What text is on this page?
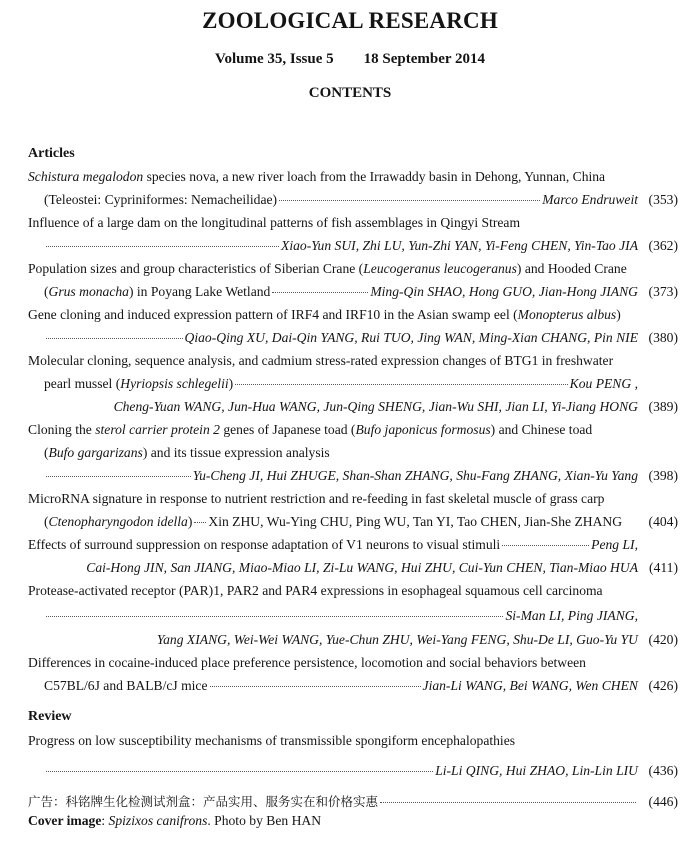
ZOOLOGICAL RESEARCH
Volume 35, Issue 5 18 September 2014
CONTENTS
Articles
Schistura megalodon species nova, a new river loach from the Irrawaddy basin in Dehong, Yunnan, China
(Teleostei: Cypriniformes: Nemacheilidae)	Marco Endruweit (353)
Influence of a large dam on the longitudinal patterns of fish assemblages in Qingyi Stream
Xiao-Yun SUI, Zhi LU, Yun-Zhi YAN, Yi-Feng CHEN, Yin-Tao JIA (362)
Population sizes and group characteristics of Siberian Crane ( Leucogeranus leucogeranus ) and Hooded Crane
( Grus monacha ) in Poyang Lake Wetland	Ming-Qin SHAO, Hong GUO, Jian-Hong JIANG (373)
Gene cloning and induced expression pattern of IRF4 and IRF10 in the Asian swamp eel ( Monopterus albus )
Qiao-Qing XU, Dai-Qin YANG, Rui TUO, Jing WAN, Ming-Xian CHANG, Pin NIE (380)
Molecular cloning, sequence analysis, and cadmium stress-rated expression changes of BTG1 in freshwater
pearl mussel ( Hyriopsis schlegelii )	Kou PENG ,
Cheng-Yuan WANG, Jun-Hua WANG, Jun-Qing SHENG, Jian-Wu SHI, Jian LI, Yi-Jiang HONG (389)
Cloning the sterol carrier protein 2 genes of Japanese toad ( Bufo japonicus formosus ) and Chinese toad
( Bufo gargarizans ) and its tissue expression analysis
Yu-Cheng JI, Hui ZHUGE, Shan-Shan ZHANG, Shu-Fang ZHANG, Xian-Yu Yang (398)
MicroRNA signature in response to nutrient restriction and re-feeding in fast skeletal muscle of grass carp
( Ctenopharyngodon idella ) Xin ZHU, Wu-Ying CHU, Ping WU, Tan YI, Tao CHEN, Jian-She ZHANG	(404)
Effects of surround suppression on response adaptation of V1 neurons to visual stimuli	Peng LI,
Cai-Hong JIN, San JIANG, Miao-Miao LI, Zi-Lu WANG, Hui ZHU, Cui-Yun CHEN, Tian-Miao HUA (411)
Protease-activated receptor (PAR)1, PAR2 and PAR4 expressions in esophageal squamous cell carcinoma
Si-Man LI, Ping JIANG,
Yang XIANG, Wei-Wei WANG, Yue-Chun ZHU, Wei-Yang FENG, Shu-De LI, Guo-Yu YU (420)
Differences in cocaine-induced place preference persistence, locomotion and social behaviors between
C57BL/6J and BALB/cJ mice	Jian-Li WANG, Bei WANG, Wen CHEN (426)
Review
Progress on low susceptibility mechanisms of transmissible spongiform encephalopathies
Li-Li QING, Hui ZHAO, Lin-Lin LIU (436)
广告：科铭牌生化检测试剂盒：产品实用、服务实在和价格实惠	(446)
Cover image: Spizixos canifrons. Photo by Ben HAN
